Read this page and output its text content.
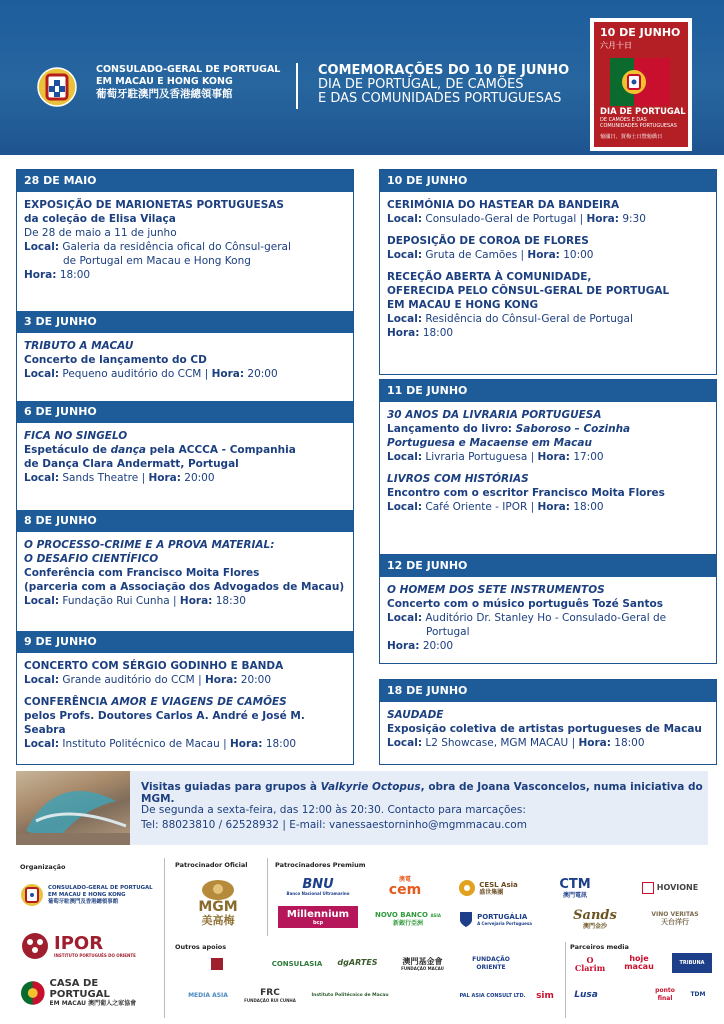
CONSULADO-GERAL DE PORTUGAL
EM MACAU E HONG KONG
葡萄牙駐澳門及香港總領事館
COMEMORAÇÕES DO 10 DE JUNHO
DIA DE PORTUGAL, DE CAMÕES
E DAS COMUNIDADES PORTUGUESAS
10 DE JUNHO
六月十日
DIA DE PORTUGAL
DE CAMÕES E DAS
COMUNIDADES PORTUGUESAS
葡國日、賈梅士日暨葡僑日
28 DE MAIO
EXPOSIÇÃO DE MARIONETAS PORTUGUESAS
da coleção de Elisa Vilaça
De 28 de maio a 11 de junho
Local: Galeria da residência ofical do Cônsul-geral
de Portugal em Macau e Hong Kong
Hora: 18:00
3 DE JUNHO
TRIBUTO A MACAU
Concerto de lançamento do CD
Local: Pequeno auditório do CCM | Hora: 20:00
6 DE JUNHO
FICA NO SINGELO
Espetáculo de dança pela ACCCA - Companhia
de Dança Clara Andermatt, Portugal
Local: Sands Theatre | Hora: 20:00
8 DE JUNHO
O PROCESSO-CRIME E A PROVA MATERIAL:
O DESAFIO CIENTÍFICO
Conferência com Francisco Moita Flores
(parceria com a Associação dos Advogados de Macau)
Local: Fundação Rui Cunha | Hora: 18:30
9 DE JUNHO
CONCERTO COM SÉRGIO GODINHO E BANDA
Local: Grande auditório do CCM | Hora: 20:00
CONFERÊNCIA AMOR E VIAGENS DE CAMÕES
pelos Profs. Doutores Carlos A. André e José M. Seabra
Local: Instituto Politécnico de Macau | Hora: 18:00
10 DE JUNHO
CERIMÓNIA DO HASTEAR DA BANDEIRA
Local: Consulado-Geral de Portugal | Hora: 9:30
DEPOSIÇÃO DE COROA DE FLORES
Local: Gruta de Camões | Hora: 10:00
RECEÇÃO ABERTA À COMUNIDADE,
OFERECIDA PELO CÔNSUL-GERAL DE PORTUGAL
EM MACAU E HONG KONG
Local: Residência do Cônsul-Geral de Portugal
Hora: 18:00
11 DE JUNHO
30 ANOS DA LIVRARIA PORTUGUESA
Lançamento do livro: Saboroso – Cozinha
Portuguesa e Macaense em Macau
Local: Livraria Portuguesa | Hora: 17:00
LIVROS COM HISTÓRIAS
Encontro com o escritor Francisco Moita Flores
Local: Café Oriente - IPOR | Hora: 18:00
12 DE JUNHO
O HOMEM DOS SETE INSTRUMENTOS
Concerto com o músico português Tozé Santos
Local: Auditório Dr. Stanley Ho - Consulado-Geral de
Portugal
Hora: 20:00
18 DE JUNHO
SAUDADE
Exposição coletiva de artistas portugueses de Macau
Local: L2 Showcase, MGM MACAU | Hora: 18:00
Visitas guiadas para grupos à Valkyrie Octopus, obra de Joana Vasconcelos, numa iniciativa do MGM.
De segunda a sexta-feira, das 12:00 às 20:30. Contacto para marcações:
Tel: 88023810 / 62528932 | E-mail: vanessaestorninho@mgmmacau.com
Organização	Patrocinador Oficial	Patrocinadores Premium
Outros apoios	Parceiros media
CONSULADO-GERAL DE PORTUGAL
EM MACAU E HONG KONG
葡萄牙駐澳門及香港總領事館
IPOR
INSTITUTO PORTUGUÊS DO ORIENTE
CASA DE PORTUGAL
EM MACAU 澳門葡人之家協會
MGM
美高梅
BNU
Banco Nacional Ultramarino
Millennium
bcp
澳電
cem
NOVO BANCO ASIA
新銀行亞洲
CESL Asia
盛世集團
PORTUGÁLIA
A Cervejaria Portuguesa
CTM
澳門電訊
Sands
澳門金沙
HOVIONE
VINO VERITAS
天台洋行
CONSULASIA	dgARTES	澳門基金會
FUNDAÇÃO MACAU
FUNDAÇÃO ORIENTE
MEDIA ASIA	FRC
FUNDAÇÃO RUI CUNHA
Instituto Politécnico de Macau	PAL ASIA CONSULT LTD.	sim
O Clarim
hoje macau	TRIBUNA
Lusa	ponto final
TDM
